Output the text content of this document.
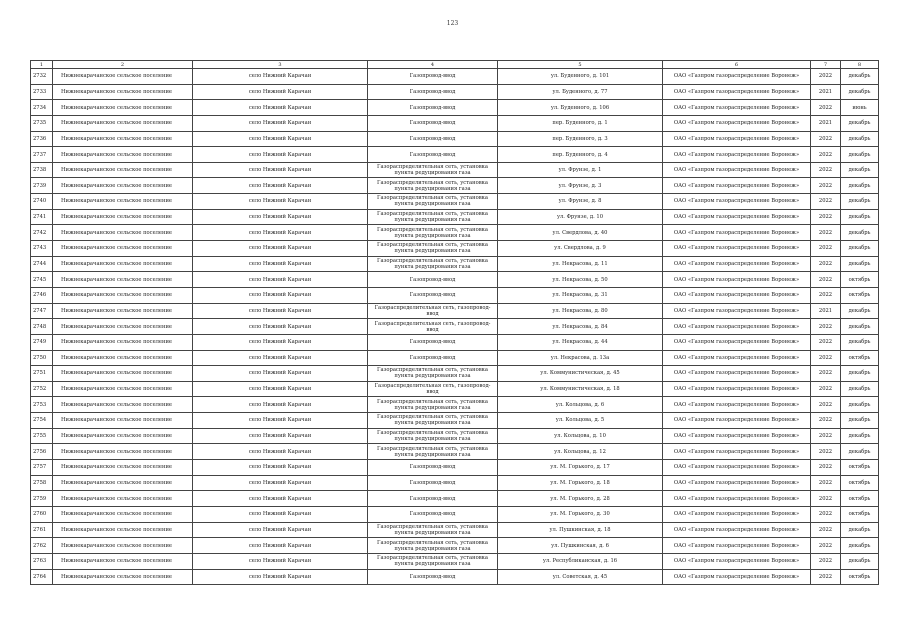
123
1	2	3	4	5	6	7	8
2732	Нижнекарачанское сельское поселение	село Нижний Карачан	Газопровод-ввод	ул. Буденного, д. 101	ОАО «Газпром газораспределение Воронеж»	2022	декабрь
2733	Нижнекарачанское сельское поселение	село Нижний Карачан	Газопровод-ввод	ул. Буденного, д. 77	ОАО «Газпром газораспределение Воронеж»	2021	декабрь
2734	Нижнекарачанское сельское поселение	село Нижний Карачан	Газопровод-ввод	ул. Буденного, д. 106	ОАО «Газпром газораспределение Воронеж»	2022	июнь
2735	Нижнекарачанское сельское поселение	село Нижний Карачан	Газопровод-ввод	пер. Буденного, д. 1	ОАО «Газпром газораспределение Воронеж»	2021	декабрь
2736	Нижнекарачанское сельское поселение	село Нижний Карачан	Газопровод-ввод	пер. Буденного, д. 3	ОАО «Газпром газораспределение Воронеж»	2022	декабрь
2737	Нижнекарачанское сельское поселение	село Нижний Карачан	Газопровод-ввод	пер. Буденного, д. 4	ОАО «Газпром газораспределение Воронеж»	2022	декабрь
2738	Нижнекарачанское сельское поселение	село Нижний Карачан	Газораспределительная сеть, установка пункта редуцирования газа	ул. Фрунзе, д. 1	ОАО «Газпром газораспределение Воронеж»	2022	декабрь
2739	Нижнекарачанское сельское поселение	село Нижний Карачан	Газораспределительная сеть, установка пункта редуцирования газа	ул. Фрунзе, д. 3	ОАО «Газпром газораспределение Воронеж»	2022	декабрь
2740	Нижнекарачанское сельское поселение	село Нижний Карачан	Газораспределительная сеть, установка пункта редуцирования газа	ул. Фрунзе, д. 8	ОАО «Газпром газораспределение Воронеж»	2022	декабрь
2741	Нижнекарачанское сельское поселение	село Нижний Карачан	Газораспределительная сеть, установка пункта редуцирования газа	ул. Фрунзе, д. 10	ОАО «Газпром газораспределение Воронеж»	2022	декабрь
2742	Нижнекарачанское сельское поселение	село Нижний Карачан	Газораспределительная сеть, установка пункта редуцирования газа	ул. Свердлова, д. 40	ОАО «Газпром газораспределение Воронеж»	2022	декабрь
2743	Нижнекарачанское сельское поселение	село Нижний Карачан	Газораспределительная сеть, установка пункта редуцирования газа	ул. Свердлова, д. 9	ОАО «Газпром газораспределение Воронеж»	2022	декабрь
2744	Нижнекарачанское сельское поселение	село Нижний Карачан	Газораспределительная сеть, установка пункта редуцирования газа	ул. Некрасова, д. 11	ОАО «Газпром газораспределение Воронеж»	2022	декабрь
2745	Нижнекарачанское сельское поселение	село Нижний Карачан	Газопровод-ввод	ул. Некрасова, д. 50	ОАО «Газпром газораспределение Воронеж»	2022	октябрь
2746	Нижнекарачанское сельское поселение	село Нижний Карачан	Газопровод-ввод	ул. Некрасова, д. 31	ОАО «Газпром газораспределение Воронеж»	2022	октябрь
2747	Нижнекарачанское сельское поселение	село Нижний Карачан	Газораспределительная сеть, газопровод-ввод	ул. Некрасова, д. 80	ОАО «Газпром газораспределение Воронеж»	2021	декабрь
2748	Нижнекарачанское сельское поселение	село Нижний Карачан	Газораспределительная сеть, газопровод-ввод	ул. Некрасова, д. 84	ОАО «Газпром газораспределение Воронеж»	2022	декабрь
2749	Нижнекарачанское сельское поселение	село Нижний Карачан	Газопровод-ввод	ул. Некрасова, д. 44	ОАО «Газпром газораспределение Воронеж»	2022	декабрь
2750	Нижнекарачанское сельское поселение	село Нижний Карачан	Газопровод-ввод	ул. Некрасова, д. 13а	ОАО «Газпром газораспределение Воронеж»	2022	октябрь
2751	Нижнекарачанское сельское поселение	село Нижний Карачан	Газораспределительная сеть, установка пункта редуцирования газа	ул. Коммунистическая, д. 45	ОАО «Газпром газораспределение Воронеж»	2022	декабрь
2752	Нижнекарачанское сельское поселение	село Нижний Карачан	Газораспределительная сеть, газопровод-ввод	ул. Коммунистическая, д. 18	ОАО «Газпром газораспределение Воронеж»	2022	декабрь
2753	Нижнекарачанское сельское поселение	село Нижний Карачан	Газораспределительная сеть, установка пункта редуцирования газа	ул. Кольцова, д. 6	ОАО «Газпром газораспределение Воронеж»	2022	декабрь
2754	Нижнекарачанское сельское поселение	село Нижний Карачан	Газораспределительная сеть, установка пункта редуцирования газа	ул. Кольцова, д. 5	ОАО «Газпром газораспределение Воронеж»	2022	декабрь
2755	Нижнекарачанское сельское поселение	село Нижний Карачан	Газораспределительная сеть, установка пункта редуцирования газа	ул. Кольцова, д. 10	ОАО «Газпром газораспределение Воронеж»	2022	декабрь
2756	Нижнекарачанское сельское поселение	село Нижний Карачан	Газораспределительная сеть, установка пункта редуцирования газа	ул. Кольцова, д. 12	ОАО «Газпром газораспределение Воронеж»	2022	декабрь
2757	Нижнекарачанское сельское поселение	село Нижний Карачан	Газопровод-ввод	ул. М. Горького, д. 17	ОАО «Газпром газораспределение Воронеж»	2022	октябрь
2758	Нижнекарачанское сельское поселение	село Нижний Карачан	Газопровод-ввод	ул. М. Горького, д. 18	ОАО «Газпром газораспределение Воронеж»	2022	октябрь
2759	Нижнекарачанское сельское поселение	село Нижний Карачан	Газопровод-ввод	ул. М. Горького, д. 28	ОАО «Газпром газораспределение Воронеж»	2022	октябрь
2760	Нижнекарачанское сельское поселение	село Нижний Карачан	Газопровод-ввод	ул. М. Горького, д. 30	ОАО «Газпром газораспределение Воронеж»	2022	октябрь
2761	Нижнекарачанское сельское поселение	село Нижний Карачан	Газораспределительная сеть, установка пункта редуцирования газа	ул. Пушкинская, д. 18	ОАО «Газпром газораспределение Воронеж»	2022	декабрь
2762	Нижнекарачанское сельское поселение	село Нижний Карачан	Газораспределительная сеть, установка пункта редуцирования газа	ул. Пушкинская, д. 6	ОАО «Газпром газораспределение Воронеж»	2022	декабрь
2763	Нижнекарачанское сельское поселение	село Нижний Карачан	Газораспределительная сеть, установка пункта редуцирования газа	ул. Республиканская, д. 16	ОАО «Газпром газораспределение Воронеж»	2022	декабрь
2764	Нижнекарачанское сельское поселение	село Нижний Карачан	Газопровод-ввод	ул. Советская, д. 45	ОАО «Газпром газораспределение Воронеж»	2022	октябрь
